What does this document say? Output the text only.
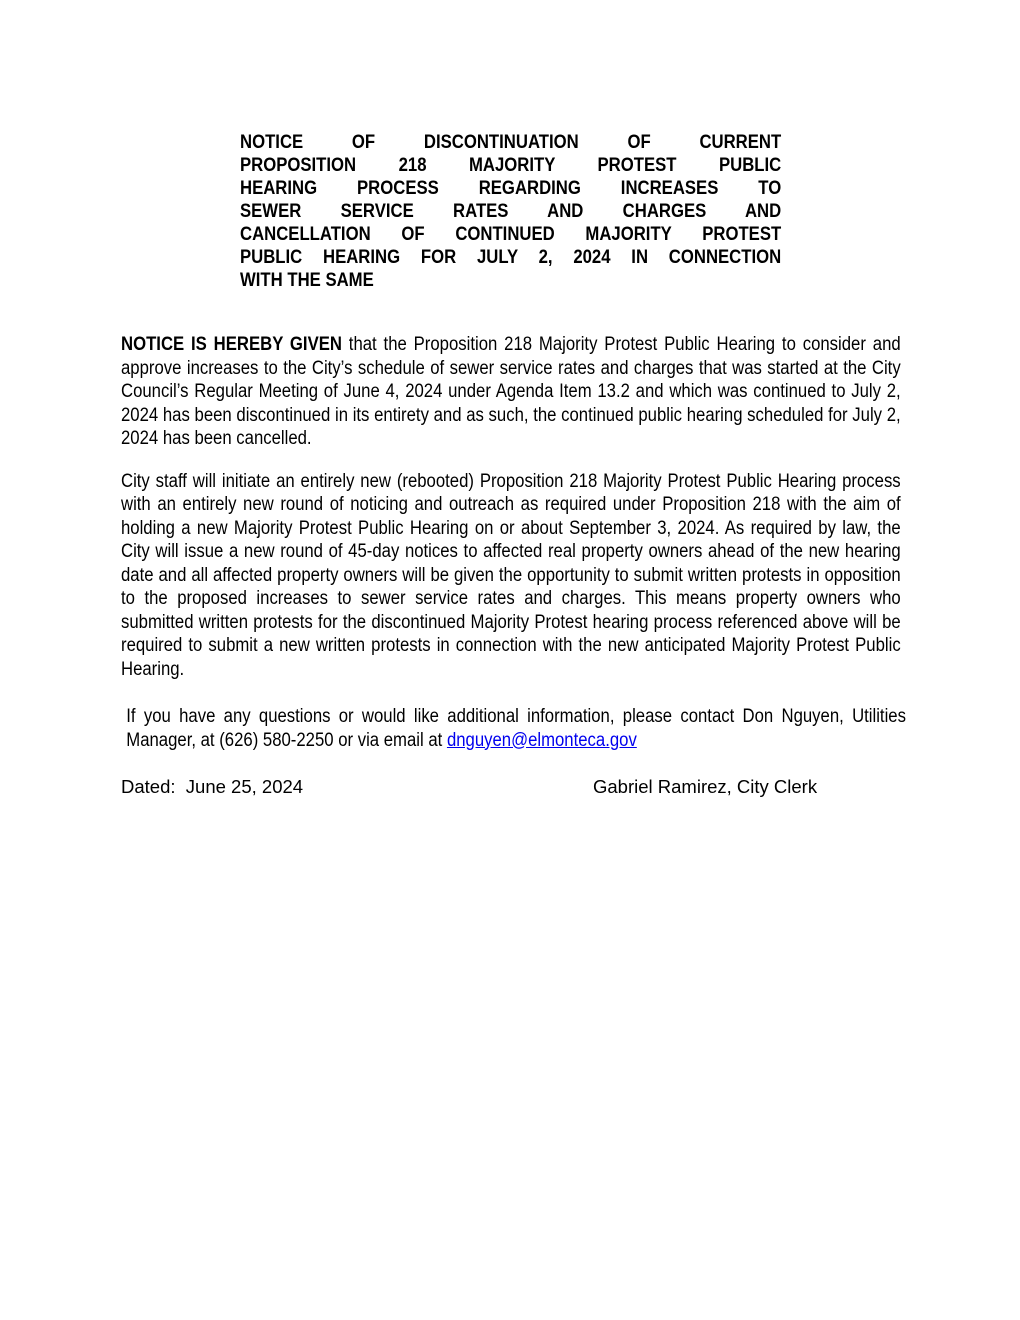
NOTICE OF DISCONTINUATION OF CURRENT
PROPOSITION 218 MAJORITY PROTEST PUBLIC
HEARING PROCESS REGARDING INCREASES TO
SEWER SERVICE RATES AND CHARGES AND
CANCELLATION OF CONTINUED MAJORITY PROTEST
PUBLIC HEARING FOR JULY 2, 2024 IN CONNECTION
WITH THE SAME
NOTICE IS HEREBY GIVEN that the Proposition 218 Majority Protest Public Hearing to consider and approve increases to the City’s schedule of sewer service rates and charges that was started at the City Council’s Regular Meeting of June 4, 2024 under Agenda Item 13.2 and which was continued to July 2, 2024 has been discontinued in its entirety and as such, the continued public hearing scheduled for July 2, 2024 has been cancelled.
City staff will initiate an entirely new (rebooted) Proposition 218 Majority Protest Public Hearing process with an entirely new round of noticing and outreach as required under Proposition 218 with the aim of holding a new Majority Protest Public Hearing on or about September 3, 2024. As required by law, the City will issue a new round of 45-day notices to affected real property owners ahead of the new hearing date and all affected property owners will be given the opportunity to submit written protests in opposition to the proposed increases to sewer service rates and charges. This means property owners who submitted written protests for the discontinued Majority Protest hearing process referenced above will be required to submit a new written protests in connection with the new anticipated Majority Protest Public Hearing.
If you have any questions or would like additional information, please contact Don Nguyen, Utilities Manager, at (626) 580-2250 or via email at dnguyen@elmonteca.gov
Dated:  June 25, 2024	Gabriel Ramirez, City Clerk
